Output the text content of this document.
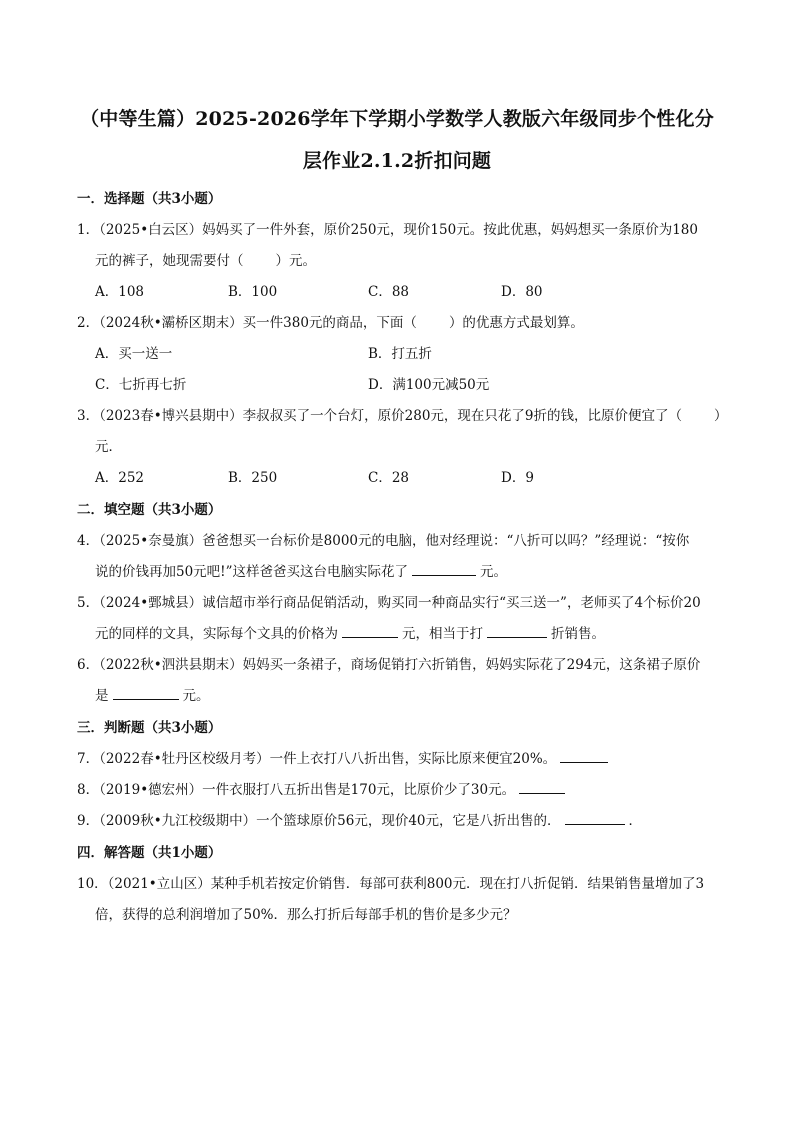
（中等生篇）2025-2026学年下学期小学数学人教版六年级同步个性化分
层作业2.1.2折扣问题
一．选择题（共3小题）
1．（2025•白云区）妈妈买了一件外套，原价250元，现价150元。按此优惠，妈妈想买一条原价为180
元的裤子，她现需要付（ ）元。
A．108	B．100	C．88	D．80
2．（2024秋•灞桥区期末）买一件380元的商品，下面（ ）的优惠方式最划算。
A．买一送一	B．打五折
C．七折再七折	D．满100元减50元
3．（2023春•博兴县期中）李叔叔买了一个台灯，原价280元，现在只花了9折的钱，比原价便宜了（ ）
元．
A．252	B．250	C．28	D．9
二．填空题（共3小题）
4．（2025•奈曼旗）爸爸想买一台标价是8000元的电脑，他对经理说：“八折可以吗？”经理说：“按你
说的价钱再加50元吧!”这样爸爸买这台电脑实际花了	元。
5．（2024•鄄城县）诚信超市举行商品促销活动，购买同一种商品实行“买三送一”，老师买了4个标价20
元的同样的文具，实际每个文具的价格为	元，相当于打	折销售。
6．（2022秋•泗洪县期末）妈妈买一条裙子，商场促销打六折销售，妈妈实际花了294元，这条裙子原价
是	元。
三．判断题（共3小题）
7．（2022春•牡丹区校级月考）一件上衣打八八折出售，实际比原来便宜20%。
8．（2019•德宏州）一件衣服打八五折出售是170元，比原价少了30元。
9．（2009秋•九江校级期中）一个篮球原价56元，现价40元，它是八折出售的．	．
四．解答题（共1小题）
10．（2021•立山区）某种手机若按定价销售．每部可获利800元．现在打八折促销．结果销售量增加了3
倍，获得的总利润增加了50%．那么打折后每部手机的售价是多少元？
